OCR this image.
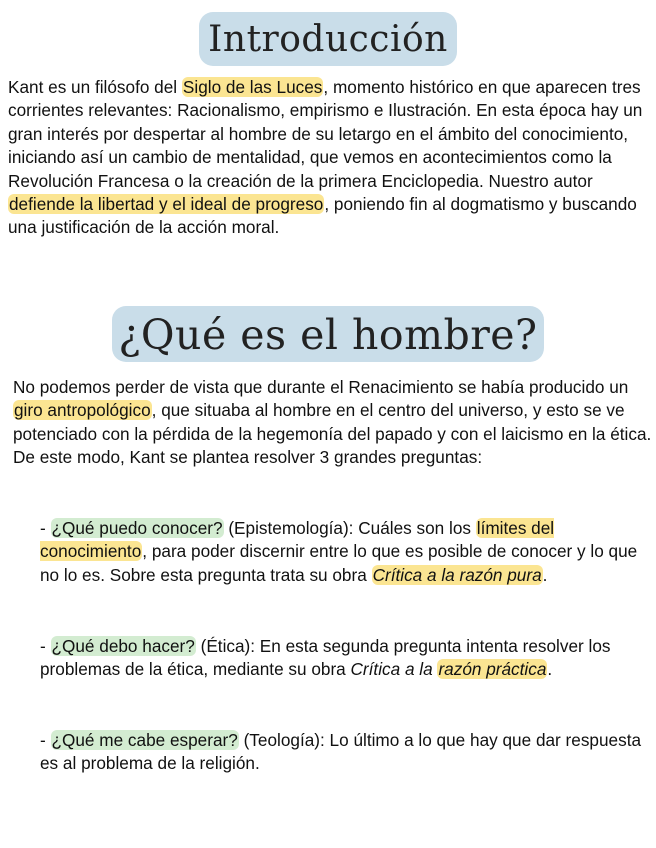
Introducción

Kant es un filósofo del Siglo de las Luces, momento histórico en que aparecen tres corrientes relevantes: Racionalismo, empirismo e Ilustración. En esta época hay un gran interés por despertar al hombre de su letargo en el ámbito del conocimiento, iniciando así un cambio de mentalidad, que vemos en acontecimientos como la Revolución Francesa o la creación de la primera Enciclopedia. Nuestro autor defiende la libertad y el ideal de progreso, poniendo fin al dogmatismo y buscando una justificación de la acción moral.

¿Qué es el hombre?

No podemos perder de vista que durante el Renacimiento se había producido un giro antropológico, que situaba al hombre en el centro del universo, y esto se ve potenciado con la pérdida de la hegemonía del papado y con el laicismo en la ética.
De este modo, Kant se plantea resolver 3 grandes preguntas:

- ¿Qué puedo conocer? (Epistemología): Cuáles son los límites del conocimiento, para poder discernir entre lo que es posible de conocer y lo que no lo es. Sobre esta pregunta trata su obra Crítica a la razón pura.

- ¿Qué debo hacer? (Ética): En esta segunda pregunta intenta resolver los problemas de la ética, mediante su obra Crítica a la razón práctica.

- ¿Qué me cabe esperar? (Teología): Lo último a lo que hay que dar respuesta es al problema de la religión.
